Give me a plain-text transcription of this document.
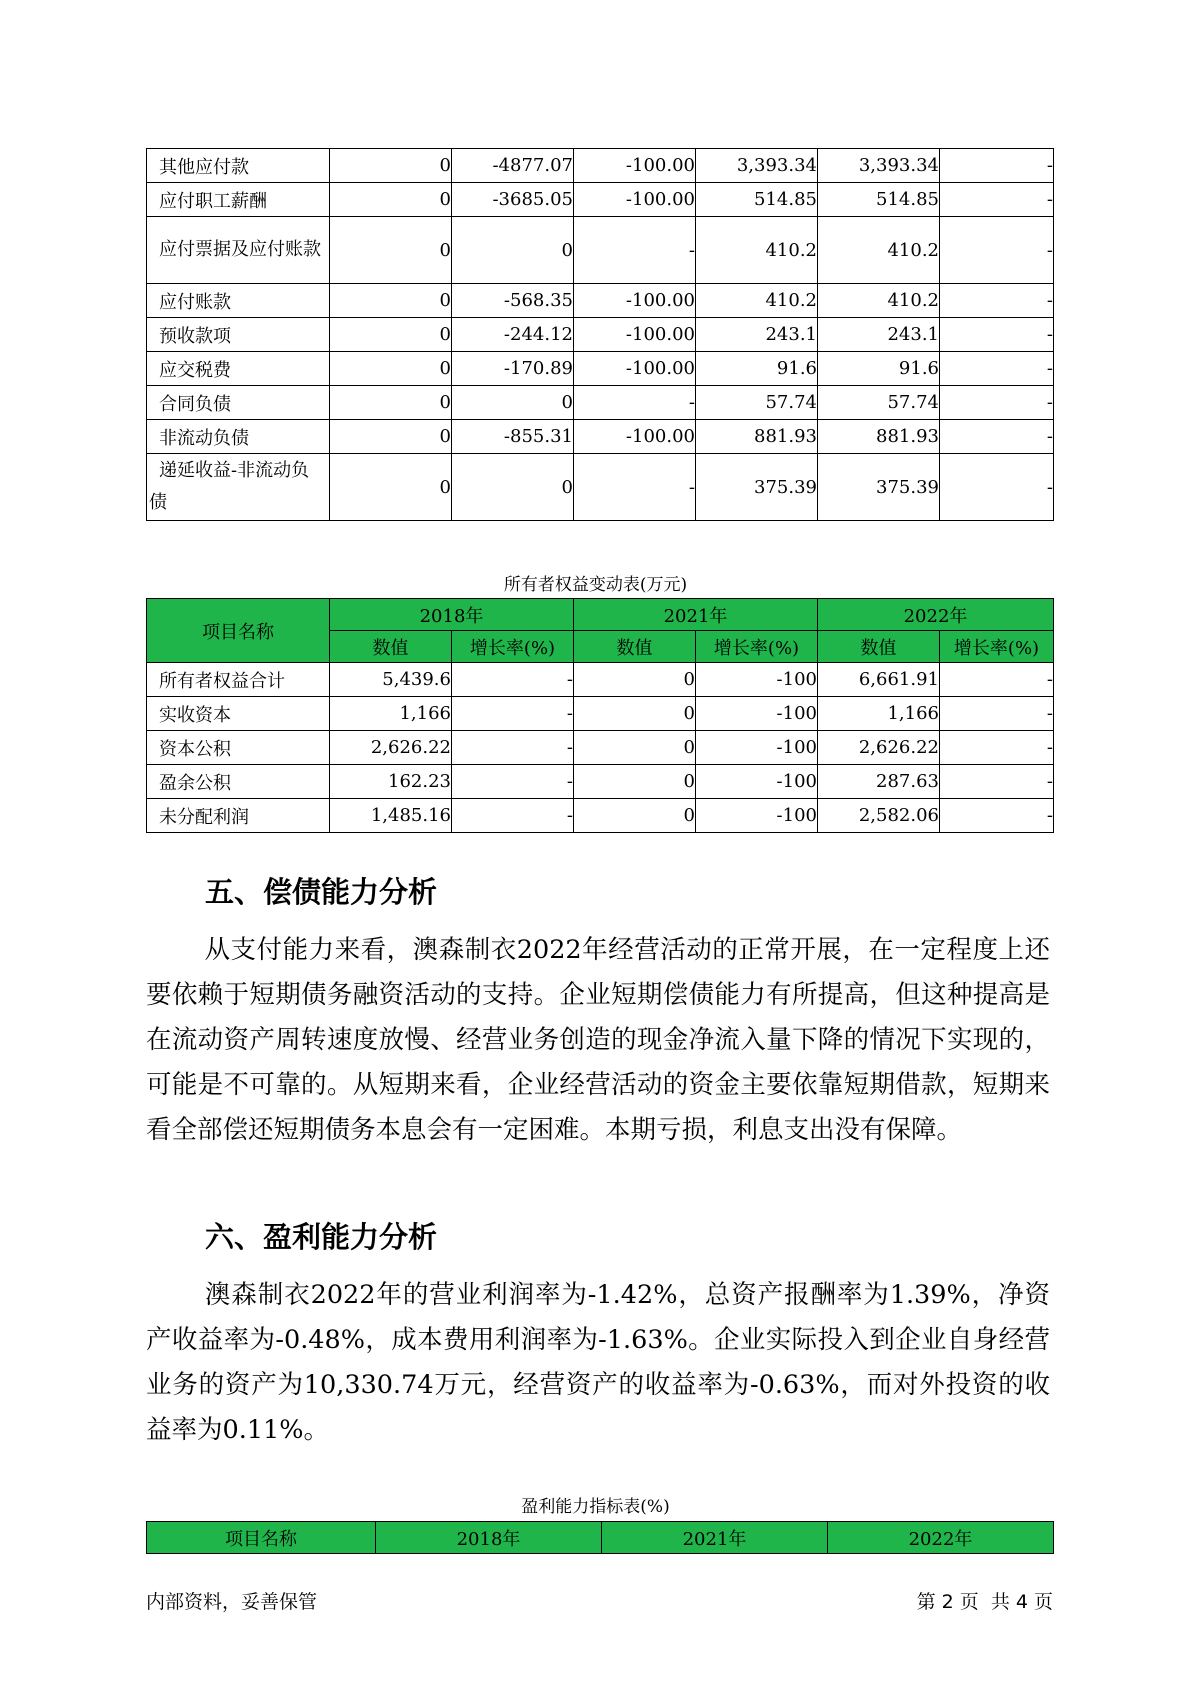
其他应付款	0	-4877.07	-100.00	3,393.34	3,393.34	-
应付职工薪酬	0	-3685.05	-100.00	514.85	514.85	-
应付票据及应付账款	0	0	-	410.2	410.2	-
应付账款	0	-568.35	-100.00	410.2	410.2	-
预收款项	0	-244.12	-100.00	243.1	243.1	-
应交税费	0	-170.89	-100.00	91.6	91.6	-
合同负债	0	0	-	57.74	57.74	-
非流动负债	0	-855.31	-100.00	881.93	881.93	-
递延收益-非流动负债	0	0	-	375.39	375.39	-
所有者权益变动表(万元)
项目名称	2018年		2021年		2022年	
	数值	增长率(%)	数值	增长率(%)	数值	增长率(%)
所有者权益合计	5,439.6	-	0	-100	6,661.91	-
实收资本	1,166	-	0	-100	1,166	-
资本公积	2,626.22	-	0	-100	2,626.22	-
盈余公积	162.23	-	0	-100	287.63	-
未分配利润	1,485.16	-	0	-100	2,582.06	-
五、偿债能力分析
从支付能力来看，澳森制衣2022年经营活动的正常开展，在一定程度上还要依赖于短期债务融资活动的支持。企业短期偿债能力有所提高，但这种提高是在流动资产周转速度放慢、经营业务创造的现金净流入量下降的情况下实现的，可能是不可靠的。从短期来看，企业经营活动的资金主要依靠短期借款，短期来看全部偿还短期债务本息会有一定困难。本期亏损，利息支出没有保障。
六、盈利能力分析
澳森制衣2022年的营业利润率为-1.42%，总资产报酬率为1.39%，净资产收益率为-0.48%，成本费用利润率为-1.63%。企业实际投入到企业自身经营业务的资产为10,330.74万元，经营资产的收益率为-0.63%，而对外投资的收益率为0.11%。
盈利能力指标表(%)
项目名称	2018年	2021年	2022年
内部资料，妥善保管	第 2 页  共 4 页
